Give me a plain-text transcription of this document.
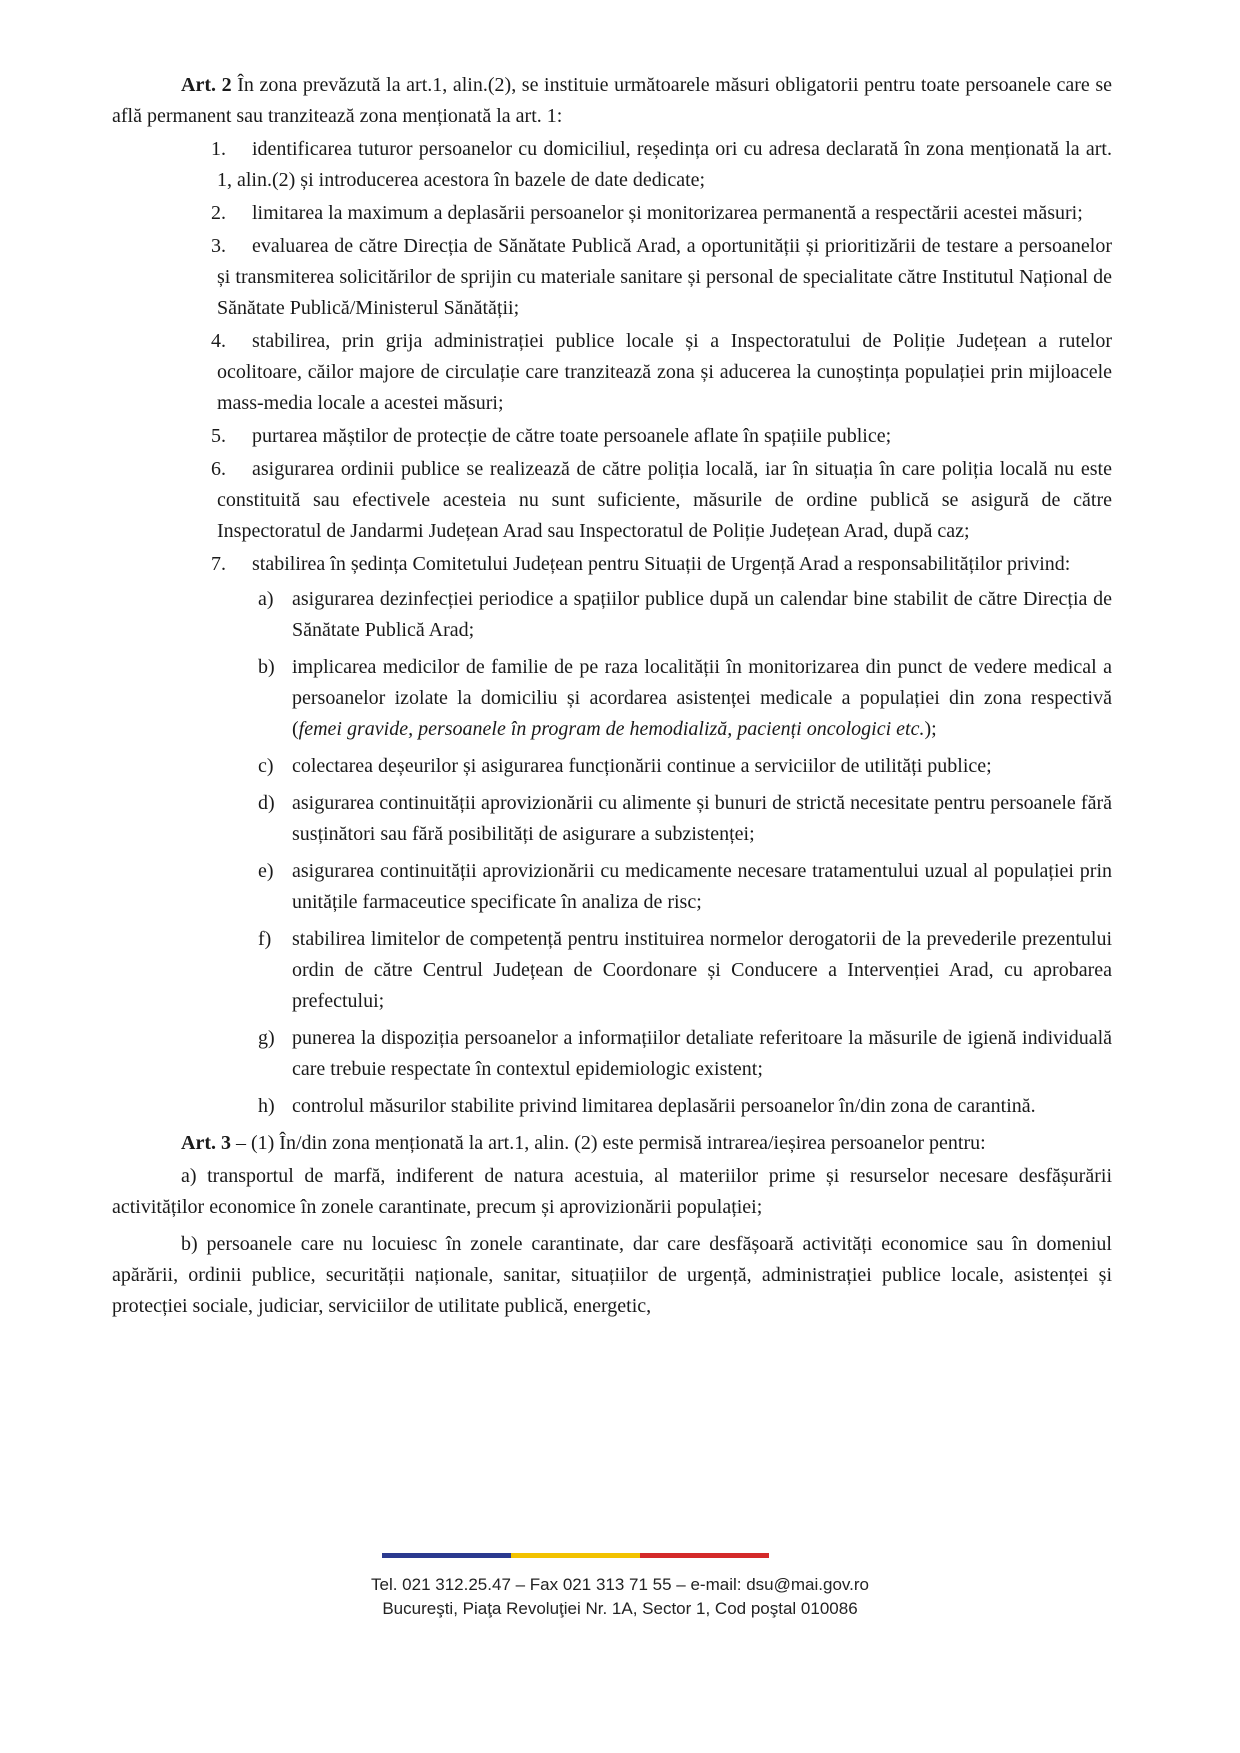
Art. 2 În zona prevăzută la art.1, alin.(2), se instituie următoarele măsuri obligatorii pentru toate persoanele care se află permanent sau tranzitează zona menționată la art. 1:

1.	identificarea tuturor persoanelor cu domiciliul, reședința ori cu adresa declarată în zona menționată la art. 1, alin.(2) și introducerea acestora în bazele de date dedicate;
2.	limitarea la maximum a deplasării persoanelor și monitorizarea permanentă a respectării acestei măsuri;
3.	evaluarea de către Direcția de Sănătate Publică Arad, a oportunității și prioritizării de testare a persoanelor și transmiterea solicitărilor de sprijin cu materiale sanitare și personal de specialitate către Institutul Național de Sănătate Publică/Ministerul Sănătății;
4.	stabilirea, prin grija administrației publice locale și a Inspectoratului de Poliție Județean a rutelor ocolitoare, căilor majore de circulație care tranzitează zona și aducerea la cunoștința populației prin mijloacele mass-media locale a acestei măsuri;
5.	purtarea măștilor de protecție de către toate persoanele aflate în spațiile publice;
6.	asigurarea ordinii publice se realizează de către poliția locală, iar în situația în care poliția locală nu este constituită sau efectivele acesteia nu sunt suficiente, măsurile de ordine publică se asigură de către Inspectoratul de Jandarmi Județean Arad sau Inspectoratul de Poliție Județean Arad, după caz;
7.	stabilirea în ședința Comitetului Județean pentru Situații de Urgență Arad a responsabilităților privind:
a) asigurarea dezinfecției periodice a spațiilor publice după un calendar bine stabilit de către Direcția de Sănătate Publică Arad;
b) implicarea medicilor de familie de pe raza localității în monitorizarea din punct de vedere medical a persoanelor izolate la domiciliu și acordarea asistenței medicale a populației din zona respectivă (femei gravide, persoanele în program de hemodializă, pacienți oncologici etc.);
c) colectarea deșeurilor și asigurarea funcționării continue a serviciilor de utilități publice;
d) asigurarea continuității aprovizionării cu alimente și bunuri de strictă necesitate pentru persoanele fără susținători sau fără posibilități de asigurare a subzistenței;
e) asigurarea continuității aprovizionării cu medicamente necesare tratamentului uzual al populației prin unitățile farmaceutice specificate în analiza de risc;
f) stabilirea limitelor de competență pentru instituirea normelor derogatorii de la prevederile prezentului ordin de către Centrul Județean de Coordonare și Conducere a Intervenției Arad, cu aprobarea prefectului;
g) punerea la dispoziția persoanelor a informațiilor detaliate referitoare la măsurile de igienă individuală care trebuie respectate în contextul epidemiologic existent;
h) controlul măsurilor stabilite privind limitarea deplasării persoanelor în/din zona de carantină.

Art. 3 – (1) În/din zona menționată la art.1, alin. (2) este permisă intrarea/ieșirea persoanelor pentru:

a) transportul de marfă, indiferent de natura acestuia, al materiilor prime și resurselor necesare desfășurării activităților economice în zonele carantinate, precum și aprovizionării populației;

b) persoanele care nu locuiesc în zonele carantinate, dar care desfășoară activități economice sau în domeniul apărării, ordinii publice, securității naționale, sanitar, situațiilor de urgență, administrației publice locale, asistenței și protecției sociale, judiciar, serviciilor de utilitate publică, energetic,

Tel. 021 312.25.47 – Fax 021 313 71 55 – e-mail: dsu@mai.gov.ro
Bucureşti, Piaţa Revoluţiei Nr. 1A, Sector 1, Cod poştal 010086
